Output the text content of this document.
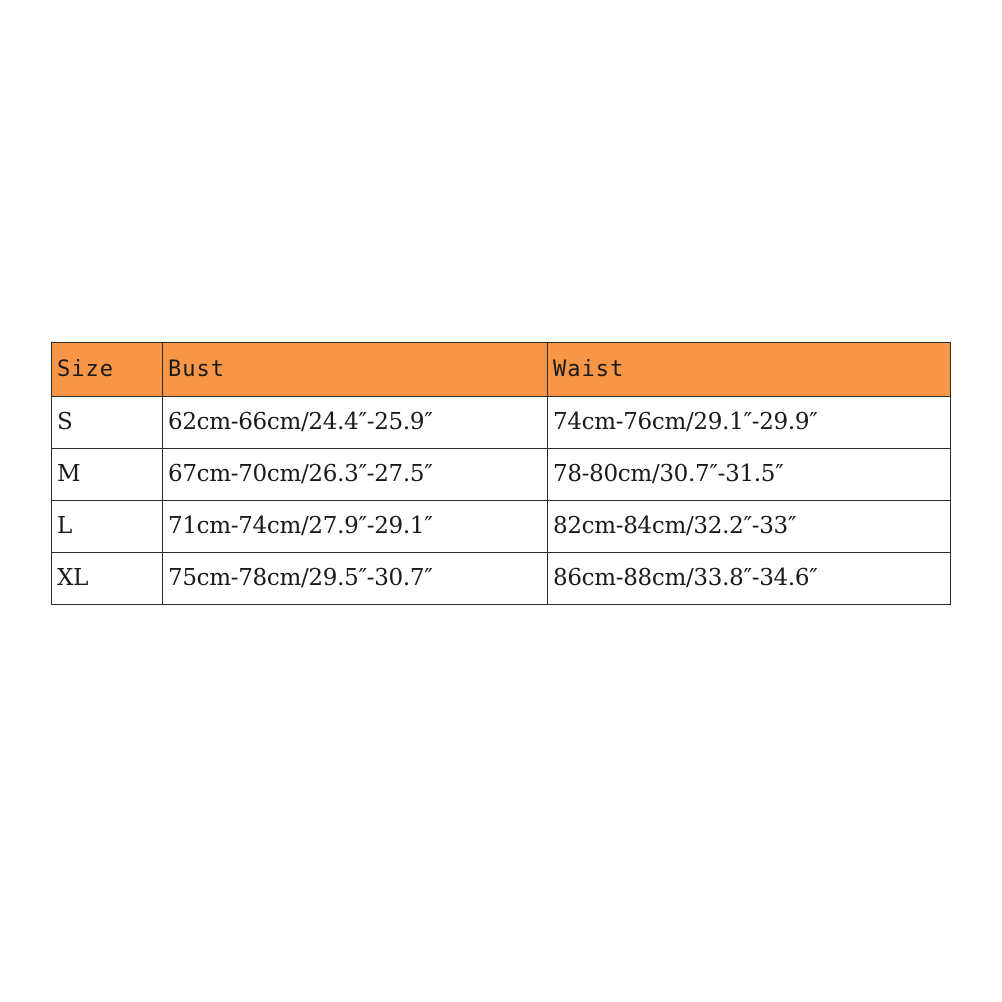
Size	Bust	Waist
S	62cm-66cm/24.4″-25.9″	74cm-76cm/29.1″-29.9″
M	67cm-70cm/26.3″-27.5″	78-80cm/30.7″-31.5″
L	71cm-74cm/27.9″-29.1″	82cm-84cm/32.2″-33″
XL	75cm-78cm/29.5″-30.7″	86cm-88cm/33.8″-34.6″
